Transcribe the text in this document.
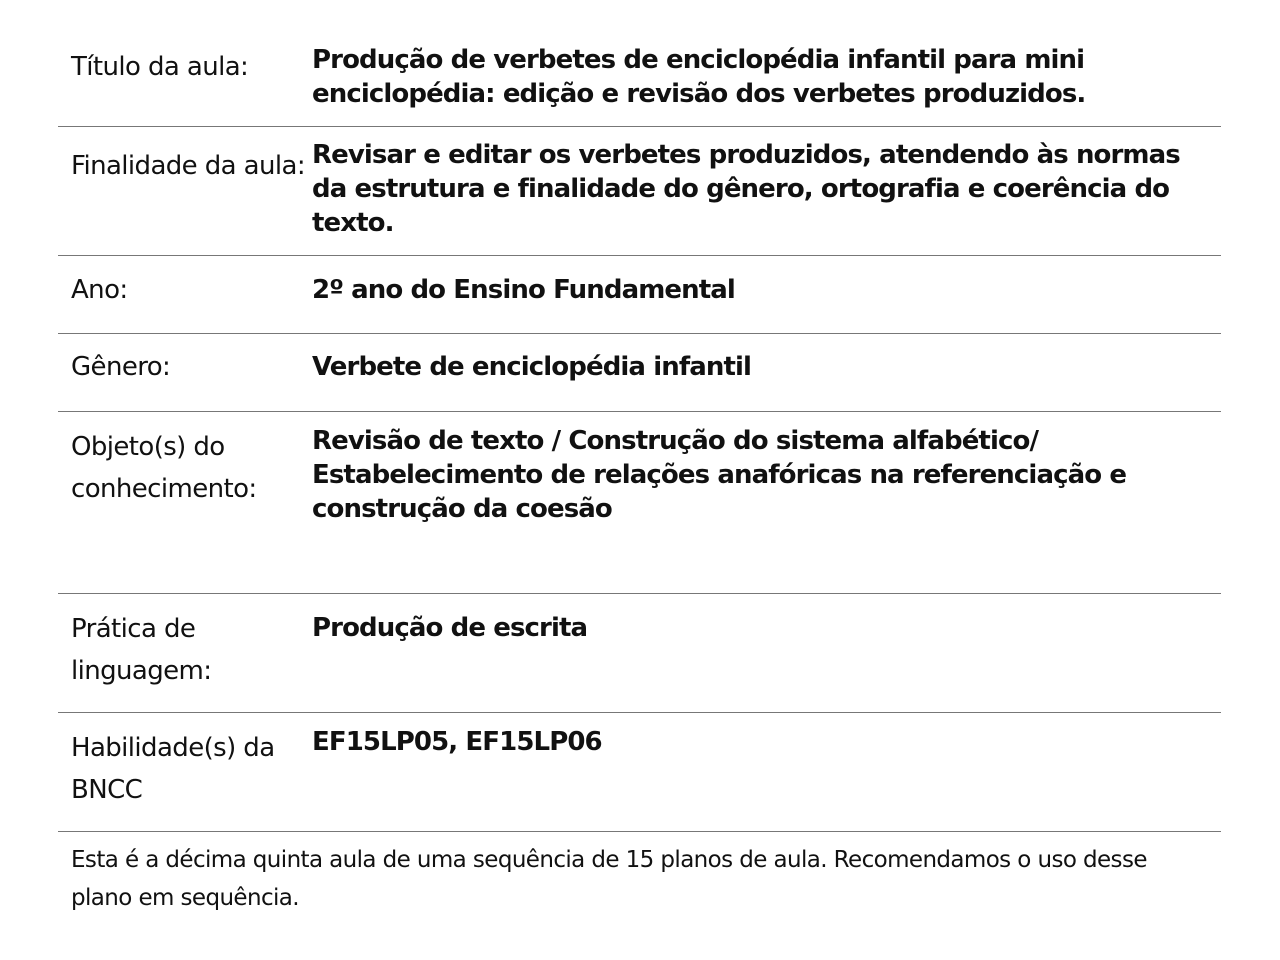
Título da aula:	Produção de verbetes de enciclopédia infantil para mini enciclopédia: edição e revisão dos verbetes produzidos.
Finalidade da aula: Revisar e editar os verbetes produzidos, atendendo às normas da estrutura e finalidade do gênero, ortografia e coerência do texto.
Ano:	2º ano do Ensino Fundamental
Gênero:	Verbete de enciclopédia infantil
Objeto(s) do conhecimento:
Revisão de texto / Construção do sistema alfabético/ Estabelecimento de relações anafóricas na referenciação e construção da coesão
Prática de linguagem:
Produção de escrita
Habilidade(s) da BNCC
EF15LP05, EF15LP06
Esta é a décima quinta aula de uma sequência de 15 planos de aula. Recomendamos o uso desse plano em sequência.
